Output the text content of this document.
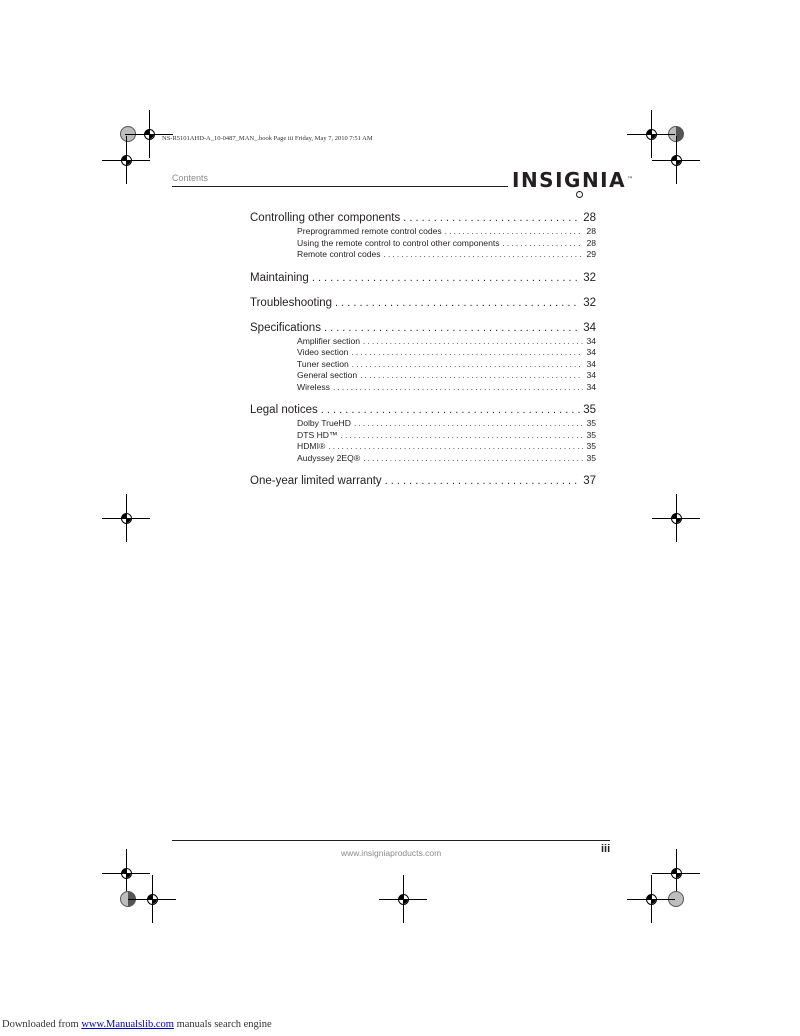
NS-R5101AHD-A_10-0487_MAN_.book Page iii Friday, May 7, 2010 7:51 AM
Contents	INSIGNIA™
Controlling other components . . .	28
Preprogrammed remote control codes . . .	28
Using the remote control to control other components . . .	28
Remote control codes . . .	29
Maintaining . . .	32
Troubleshooting . . .	32
Specifications . . .	34
Amplifier section . . .	34
Video section . . .	34
Tuner section . . .	34
General section . . .	34
Wireless . . .	34
Legal notices . . .	35
Dolby TrueHD . . .	35
DTS HD™ . . .	35
HDMI® . . .	35
Audyssey 2EQ® . . .	35
One-year limited warranty . . .	37
www.insigniaproducts.com	iii
Downloaded from www.Manualslib.com manuals search engine
